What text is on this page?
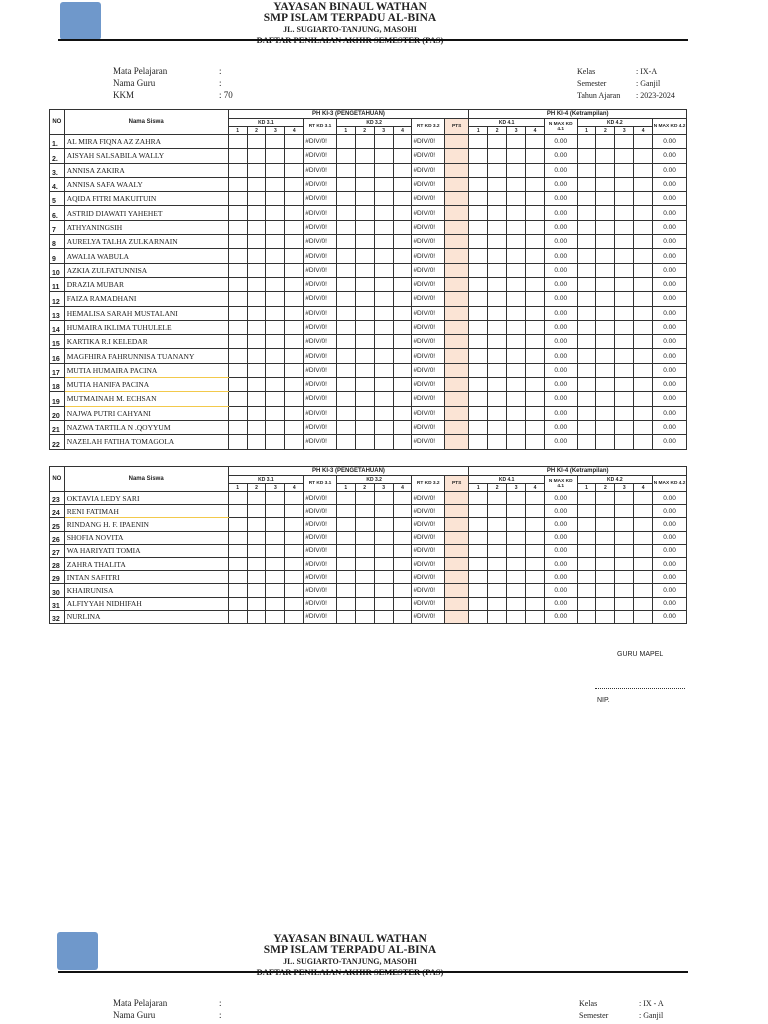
YAYASAN BINAUL WATHAN
SMP ISLAM TERPADU AL-BINA
JL. SUGIARTO-TANJUNG, MASOHI
Mata Pelajaran	:
Nama Guru	:
KKM	: 70
Kelas	: IX-A
Semester	: Ganjil
Tahun Ajaran : 2023-2024
NO	Nama Siswa	PH KI-3 (PENGETAHUAN)											PH KI-4 (Ketrampilan)									
		KD 3.1				RT KD 3.1	KD 3.2				RT KD 3.2	PTS	KD 4.1				N MAX KD 4.1	KD 4.2				N MAX KD 4.2
		1	2	3	4		1	2	3	4			1	2	3	4		1	2	3	4	
1.	AL MIRA FIQNA AZ ZAHRA					#DIV/0!					#DIV/0!						0.00					0.00
2.	AISYAH SALSABILA WALLY					#DIV/0!					#DIV/0!						0.00					0.00
3.	ANNISA ZAKIRA					#DIV/0!					#DIV/0!						0.00					0.00
4.	ANNISA SAFA WAALY					#DIV/0!					#DIV/0!						0.00					0.00
5	AQIDA FITRI MAKUITUIN					#DIV/0!					#DIV/0!						0.00					0.00
6.	ASTRID DIAWATI YAHEHET					#DIV/0!					#DIV/0!						0.00					0.00
7	ATHYANINGSIH					#DIV/0!					#DIV/0!						0.00					0.00
8	AURELYA TALHA ZULKARNAIN					#DIV/0!					#DIV/0!						0.00					0.00
9	AWALIA WABULA					#DIV/0!					#DIV/0!						0.00					0.00
10	AZKIA ZULFATUNNISA					#DIV/0!					#DIV/0!						0.00					0.00
11	DRAZIA MUBAR					#DIV/0!					#DIV/0!						0.00					0.00
12	FAIZA RAMADHANI					#DIV/0!					#DIV/0!						0.00					0.00
13	HEMALISA SARAH MUSTALANI					#DIV/0!					#DIV/0!						0.00					0.00
14	HUMAIRA IKLIMA TUHULELE					#DIV/0!					#DIV/0!						0.00					0.00
15	KARTIKA R.I KELEDAR					#DIV/0!					#DIV/0!						0.00					0.00
16	MAGFHIRA FAHRUNNISA TUANANY					#DIV/0!					#DIV/0!						0.00					0.00
17	MUTIA HUMAIRA PACINA					#DIV/0!					#DIV/0!						0.00					0.00
18	MUTIA HANIFA PACINA					#DIV/0!					#DIV/0!						0.00					0.00
19	MUTMAINAH M. ECHSAN					#DIV/0!					#DIV/0!						0.00					0.00
20	NAJWA PUTRI CAHYANI					#DIV/0!					#DIV/0!						0.00					0.00
21	NAZWA TARTILA N .QOYYUM					#DIV/0!					#DIV/0!						0.00					0.00
22	NAZELAH FATIHA TOMAGOLA					#DIV/0!					#DIV/0!						0.00					0.00
NO	Nama Siswa	PH KI-3 (PENGETAHUAN)											PH KI-4 (Ketrampilan)									
		KD 3.1				RT KD 3.1	KD 3.2				RT KD 3.2	PTS	KD 4.1				N MAX KD 4.1	KD 4.2				N MAX KD 4.2
		1	2	3	4		1	2	3	4			1	2	3	4		1	2	3	4	
23	OKTAVIA LEDY SARI					#DIV/0!					#DIV/0!						0.00					0.00
24	RENI FATIMAH					#DIV/0!					#DIV/0!						0.00					0.00
25	RINDANG H. F. IPAENIN					#DIV/0!					#DIV/0!						0.00					0.00
26	SHOFIA NOVITA					#DIV/0!					#DIV/0!						0.00					0.00
27	WA HARIYATI TOMIA					#DIV/0!					#DIV/0!						0.00					0.00
28	ZAHRA THALITA					#DIV/0!					#DIV/0!						0.00					0.00
29	INTAN SAFITRI					#DIV/0!					#DIV/0!						0.00					0.00
30	KHAIRUNISA					#DIV/0!					#DIV/0!						0.00					0.00
31	ALFIYYAH NIDHIFAH					#DIV/0!					#DIV/0!						0.00					0.00
32	NURLINA					#DIV/0!					#DIV/0!						0.00					0.00
GURU MAPEL
NIP.
YAYASAN BINAUL WATHAN
SMP ISLAM TERPADU AL-BINA
JL. SUGIARTO-TANJUNG, MASOHI
Mata Pelajaran	:
Nama Guru	:
Kelas	: IX - A
Semester	: Ganjil
